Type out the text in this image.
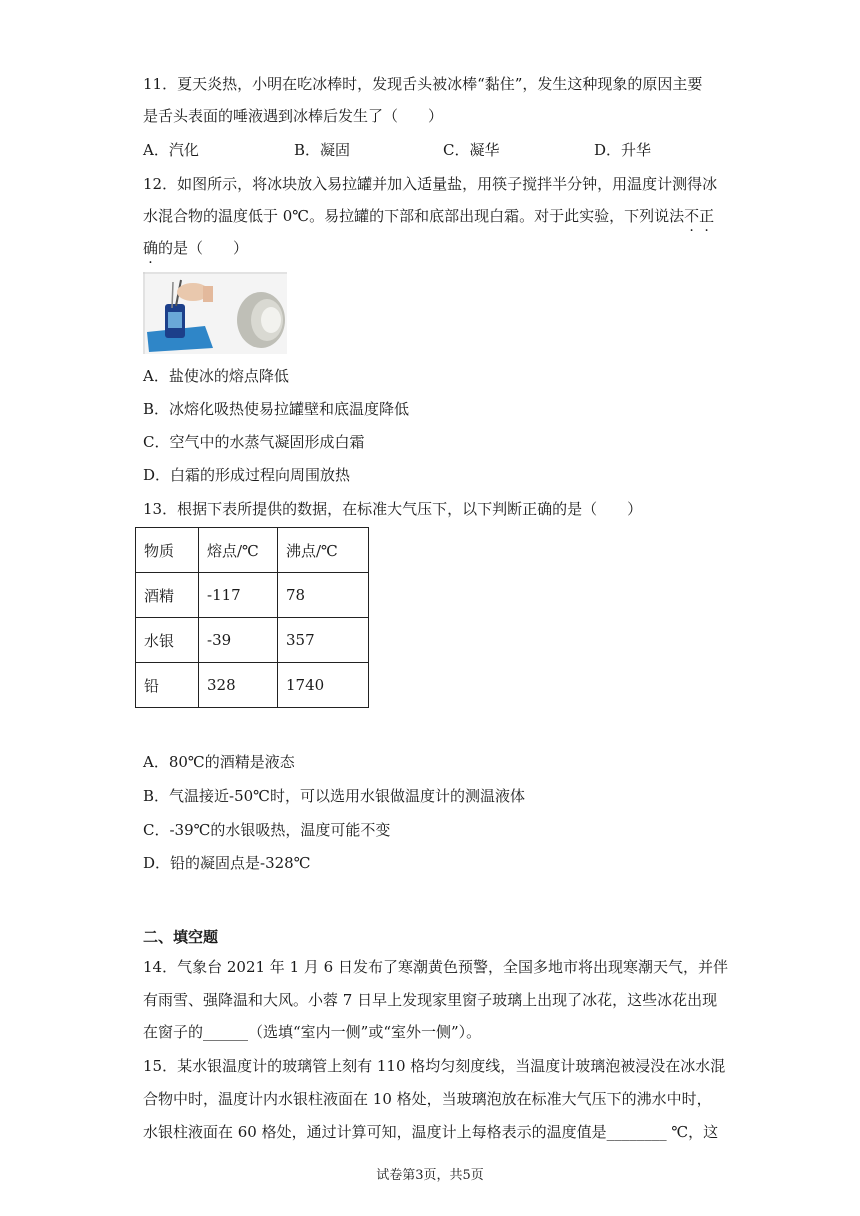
11．夏天炎热，小明在吃冰棒时，发现舌头被冰棒“黏住”，发生这种现象的原因主要
是舌头表面的唾液遇到冰棒后发生了（　　）
A．汽化	B．凝固	C．凝华	D．升华
12．如图所示，将冰块放入易拉罐并加入适量盐，用筷子搅拌半分钟，用温度计测得冰
水混合物的温度低于 0℃。易拉罐的下部和底部出现白霜。对于此实验，下列说法不正
确的是（　　）
A．盐使冰的熔点降低
B．冰熔化吸热使易拉罐壁和底温度降低
C．空气中的水蒸气凝固形成白霜
D．白霜的形成过程向周围放热
13．根据下表所提供的数据，在标准大气压下，以下判断正确的是（　　）
物质	熔点/℃	沸点/℃
酒精	-117	78
水银	-39	357
铅	328	1740
A．80℃的酒精是液态
B．气温接近-50℃时，可以选用水银做温度计的测温液体
C．-39℃的水银吸热，温度可能不变
D．铅的凝固点是-328℃
二、填空题
14．气象台 2021 年 1 月 6 日发布了寒潮黄色预警，全国多地市将出现寒潮天气，并伴
有雨雪、强降温和大风。小蓉 7 日早上发现家里窗子玻璃上出现了冰花，这些冰花出现
在窗子的______（选填“室内一侧”或“室外一侧”）。
15．某水银温度计的玻璃管上刻有 110 格均匀刻度线，当温度计玻璃泡被浸没在冰水混
合物中时，温度计内水银柱液面在 10 格处，当玻璃泡放在标准大气压下的沸水中时，
水银柱液面在 60 格处，通过计算可知，温度计上每格表示的温度值是________ ℃，这
试卷第3页，共5页
